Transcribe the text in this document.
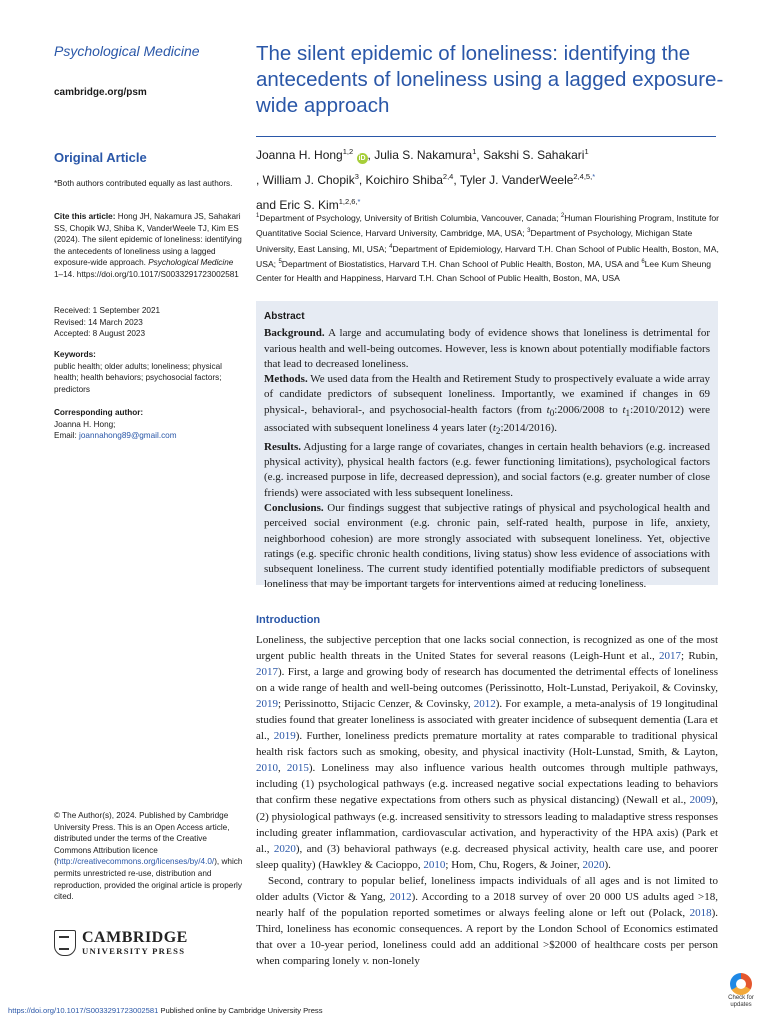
Psychological Medicine
cambridge.org/psm
Original Article
*Both authors contributed equally as last authors.
Cite this article: Hong JH, Nakamura JS, Sahakari SS, Chopik WJ, Shiba K, VanderWeele TJ, Kim ES (2024). The silent epidemic of loneliness: identifying the antecedents of loneliness using a lagged exposure-wide approach. Psychological Medicine 1–14. https://doi.org/10.1017/S0033291723002581
Received: 1 September 2021
Revised: 14 March 2023
Accepted: 8 August 2023
Keywords:
public health; older adults; loneliness; physical health; health behaviors; psychosocial factors; predictors
Corresponding author:
Joanna H. Hong;
Email: joannahong89@gmail.com
© The Author(s), 2024. Published by Cambridge University Press. This is an Open Access article, distributed under the terms of the Creative Commons Attribution licence (http://creativecommons.org/licenses/by/4.0/), which permits unrestricted re-use, distribution and reproduction, provided the original article is properly cited.
CAMBRIDGE
UNIVERSITY PRESS
https://doi.org/10.1017/S0033291723002581 Published online by Cambridge University Press
The silent epidemic of loneliness: identifying the antecedents of loneliness using a lagged exposure-wide approach
Joanna H. Hong$^{1,2}$ iD , Julia S. Nakamura$^1$, Sakshi S. Sahakari$^1$
, William J. Chopik$^3$, Koichiro Shiba$^{2,4}$, Tyler J. VanderWeele$^{2,4,5,*}$
and Eric S. Kim$^{1,2,6,*}$
$^1$Department of Psychology, University of British Columbia, Vancouver, Canada; $^2$Human Flourishing Program, Institute for Quantitative Social Science, Harvard University, Cambridge, MA, USA; $^3$Department of Psychology, Michigan State University, East Lansing, MI, USA; $^4$Department of Epidemiology, Harvard T.H. Chan School of Public Health, Boston, MA, USA; $^5$Department of Biostatistics, Harvard T.H. Chan School of Public Health, Boston, MA, USA and $^6$Lee Kum Sheung Center for Health and Happiness, Harvard T.H. Chan School of Public Health, Boston, MA, USA
Abstract

Background. A large and accumulating body of evidence shows that loneliness is detrimental for various health and well-being outcomes. However, less is known about potentially modifiable factors that lead to decreased loneliness.

Methods. We used data from the Health and Retirement Study to prospectively evaluate a wide array of candidate predictors of subsequent loneliness. Importantly, we examined if changes in 69 physical-, behavioral-, and psychosocial-health factors (from $t_0:2006/2008$ to $t_1:2010/2012$) were associated with subsequent loneliness 4 years later $(t_2:2014/2016)$.

Results. Adjusting for a large range of covariates, changes in certain health behaviors (e.g. increased physical activity), physical health factors (e.g. fewer functioning limitations), psychological factors (e.g. increased purpose in life, decreased depression), and social factors (e.g. greater number of close friends) were associated with less subsequent loneliness.

Conclusions. Our findings suggest that subjective ratings of physical and psychological health and perceived social environment (e.g. chronic pain, self-rated health, purpose in life, anxiety, neighborhood cohesion) are more strongly associated with subsequent loneliness. Yet, objective ratings (e.g. specific chronic health conditions, living status) show less evidence of associations with subsequent loneliness. The current study identified potentially modifiable predictors of subsequent loneliness that may be important targets for interventions aimed at reducing loneliness.

Introduction

Loneliness, the subjective perception that one lacks social connection, is recognized as one of the most urgent public health threats in the United States for several reasons (Leigh-Hunt et al., 2017; Rubin, 2017). First, a large and growing body of research has documented the detrimental effects of loneliness on a wide range of health and well-being outcomes (Perissinotto, Holt-Lunstad, Periyakoil, & Covinsky, 2019; Perissinotto, Stijacic Cenzer, & Covinsky, 2012). For example, a meta-analysis of 19 longitudinal studies found that greater loneliness is associated with greater incidence of subsequent dementia (Lara et al., 2019). Further, loneliness predicts premature mortality at rates comparable to traditional physical health risk factors such as smoking, obesity, and physical inactivity (Holt-Lunstad, Smith, & Layton, 2010, 2015). Loneliness may also influence various health outcomes through multiple pathways, including (1) psychological pathways (e.g. increased negative social expectations leading to behaviors that confirm these negative expectations from others such as physical distancing) (Newall et al., 2009), (2) physiological pathways (e.g. increased sensitivity to stressors leading to maladaptive stress responses including greater inflammation, cardiovascular activation, and hyperactivity of the HPA axis) (Park et al., 2020), and (3) behavioral pathways (e.g. decreased physical activity, health care use, and poorer sleep quality) (Hawkley & Cacioppo, 2010; Hom, Chu, Rogers, & Joiner, 2020).

Second, contrary to popular belief, loneliness impacts individuals of all ages and is not limited to older adults (Victor & Yang, 2012). According to a 2018 survey of over 20 000 US adults aged >18, nearly half of the population reported sometimes or always feeling alone or left out (Polack, 2018). Third, loneliness has economic consequences. A report by the London School of Economics estimated that over a 10-year period, loneliness could add an additional >$2000 of healthcare costs per person when comparing lonely v. non-lonely

Check for
updates
